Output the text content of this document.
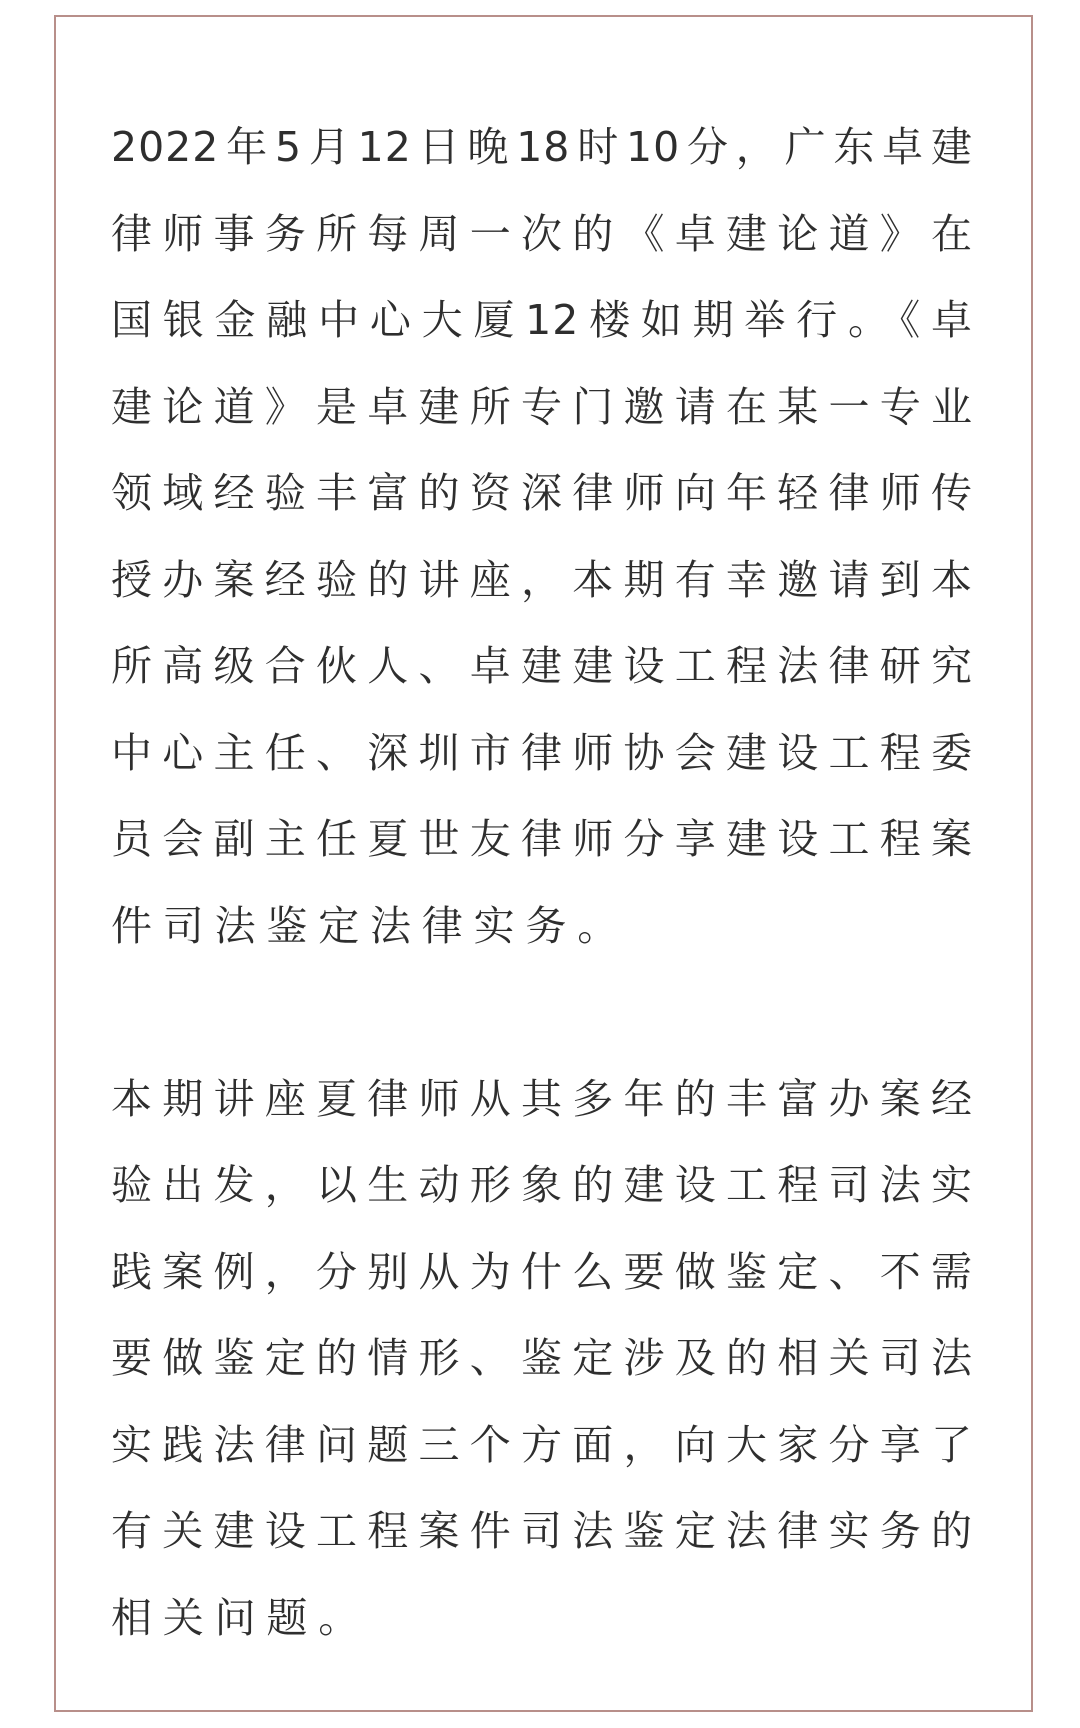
2022年5月12日晚18时10分，广东卓建
律师事务所每周一次的《卓建论道》在
国银金融中心大厦12楼如期举行。《卓
建论道》是卓建所专门邀请在某一专业
领域经验丰富的资深律师向年轻律师传
授办案经验的讲座，本期有幸邀请到本
所高级合伙人、卓建建设工程法律研究
中心主任、深圳市律师协会建设工程委
员会副主任夏世友律师分享建设工程案
件司法鉴定法律实务。
本期讲座夏律师从其多年的丰富办案经
验出发，以生动形象的建设工程司法实
践案例，分别从为什么要做鉴定、不需
要做鉴定的情形、鉴定涉及的相关司法
实践法律问题三个方面，向大家分享了
有关建设工程案件司法鉴定法律实务的
相关问题。
